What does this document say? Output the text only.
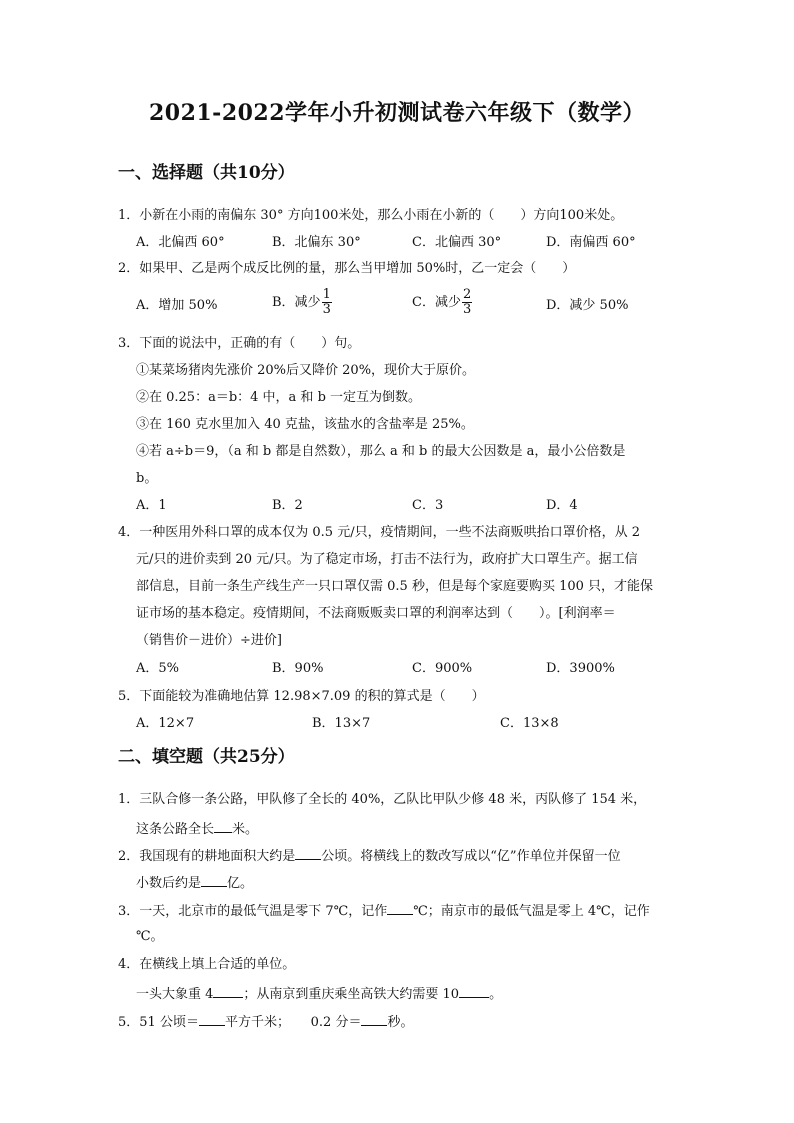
2021-2022学年小升初测试卷六年级下（数学）
一、选择题（共10分）
1．小新在小雨的南偏东 30° 方向100米处，那么小雨在小新的（　　）方向100米处。
A．北偏西 60°	B．北偏东 30°	C．北偏西 30°	D．南偏西 60°
2．如果甲、乙是两个成反比例的量，那么当甲增加 50%时，乙一定会（　　）
A．增加 50%	B．减少 $\frac{1}{3}$	C．减少 $\frac{2}{3}$	D．减少 50%
3．下面的说法中，正确的有（　　）句。
①某菜场猪肉先涨价 20%后又降价 20%，现价大于原价。
②在 0.25：a＝b：4 中，a 和 b 一定互为倒数。
③在 160 克水里加入 40 克盐，该盐水的含盐率是 25%。
④若 a÷b＝9，（a 和 b 都是自然数），那么 a 和 b 的最大公因数是 a，最小公倍数是
b。
A．1	B．2	C．3	D．4
4．一种医用外科口罩的成本仅为 0.5 元/只，疫情期间，一些不法商贩哄抬口罩价格，从 2
元/只的进价卖到 20 元/只。为了稳定市场，打击不法行为，政府扩大口罩生产。据工信
部信息，目前一条生产线生产一只口罩仅需 0.5 秒，但是每个家庭要购买 100 只，才能保
证市场的基本稳定。疫情期间，不法商贩贩卖口罩的利润率达到（　　）。[利润率＝
（销售价－进价）÷进价]
A．5%	B．90%	C．900%	D．3900%
5．下面能较为准确地估算 12.98×7.09 的积的算式是（　　）
A．12×7	B．13×7	C．13×8
二、填空题（共25分）
1．三队合修一条公路，甲队修了全长的 40%，乙队比甲队少修 48 米，丙队修了 154 米，
这条公路全长 米。
2．我国现有的耕地面积大约是 公顷。将横线上的数改写成以“亿”作单位并保留一位
小数后约是 亿。
3．一天，北京市的最低气温是零下 7℃，记作 ℃；南京市的最低气温是零上 4℃，记作
℃。
4．在横线上填上合适的单位。
一头大象重 4 ；从南京到重庆乘坐高铁大约需要 10 。
5．51 公顷＝ 平方千米； 0.2 分＝ 秒。
